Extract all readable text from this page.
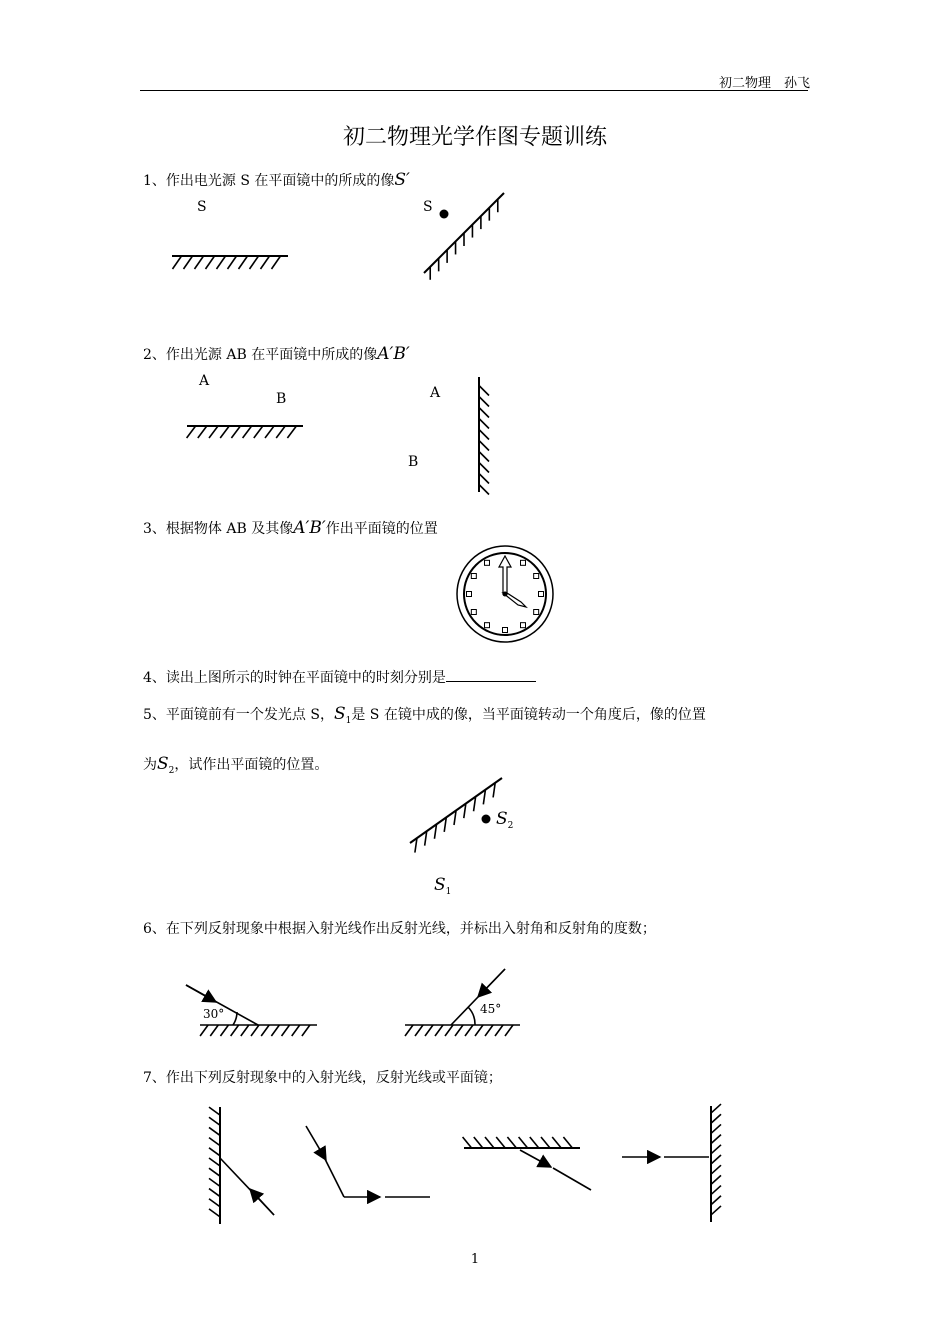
初二物理　孙飞
初二物理光学作图专题训练
1、作出电光源 S 在平面镜中的所成的像S′
S	S
2、作出光源 AB 在平面镜中所成的像A′B′
A
B	A
B
3、根据物体 AB 及其像A′B′作出平面镜的位置
4、读出上图所示的时钟在平面镜中的时刻分别是
5、平面镜前有一个发光点 S，$S_1$是 S 在镜中成的像，当平面镜转动一个角度后，像的位置
为$S_2$，试作出平面镜的位置。
$S_2$
$S_1$
6、在下列反射现象中根据入射光线作出反射光线，并标出入射角和反射角的度数；
30°	45°
7、作出下列反射现象中的入射光线，反射光线或平面镜；
1
